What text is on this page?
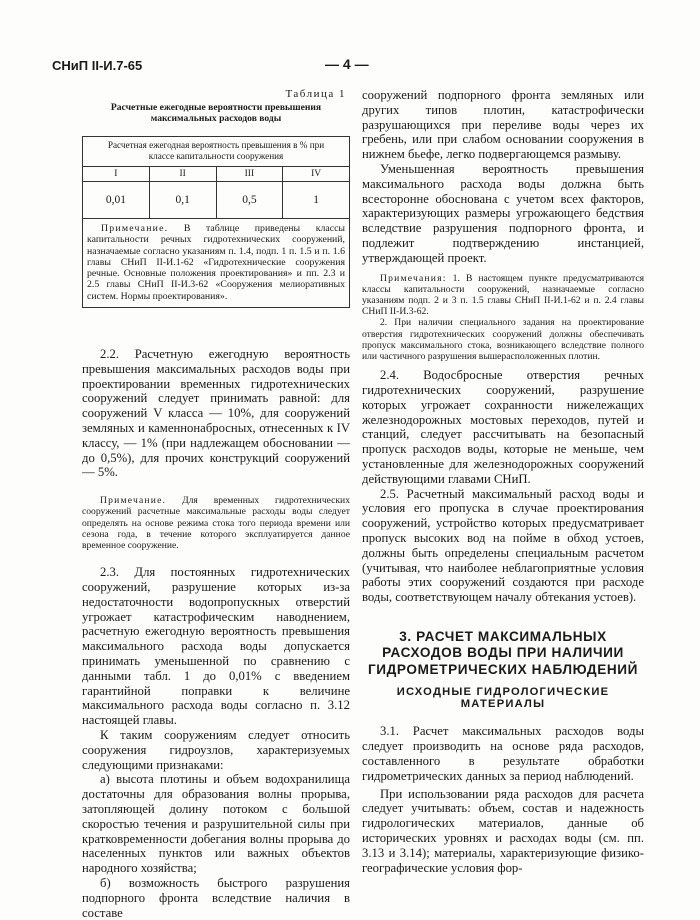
СНиП II-И.7-65	— 4 —
Таблица 1
Расчетные ежегодные вероятности превышения максимальных расходов воды
Расчетная ежегодная вероятность превышения в % при классе капитальности сооружения			
I	II	III	IV
0,01	0,1	0,5	1

Примечание. В таблице приведены классы капитальности речных гидротехнических сооружений, назначаемые согласно указаниям п. 1.4, подп. 1 п. 1.5 и п. 1.6 главы СНиП II-И.1-62 «Гидротехнические сооружения речные. Основные положения проектирования» и пп. 2.3 и 2.5 главы СНиП II-И.3-62 «Сооружения мелиоративных систем. Нормы проектирования».

2.2. Расчетную ежегодную вероятность превышения максимальных расходов воды при проектировании временных гидротехнических сооружений следует принимать равной: для сооружений V класса — 10%, для сооружений земляных и каменнонабросных, отнесенных к IV классу, — 1% (при надлежащем обосновании — до 0,5%), для прочих конструкций сооружений — 5%.

Примечание. Для временных гидротехнических сооружений расчетные максимальные расходы воды следует определять на основе режима стока того периода времени или сезона года, в течение которого эксплуатируется данное временное сооружение.

2.3. Для постоянных гидротехнических сооружений, разрушение которых из-за недостаточности водопропускных отверстий угрожает катастрофическим наводнением, расчетную ежегодную вероятность превышения максимального расхода воды допускается принимать уменьшенной по сравнению с данными табл. 1 до 0,01% с введением гарантийной поправки к величине максимального расхода воды согласно п. 3.12 настоящей главы.

К таким сооружениям следует относить сооружения гидроузлов, характеризуемых следующими признаками:

а) высота плотины и объем водохранилища достаточны для образования волны прорыва, затопляющей долину потоком с большой скоростью течения и разрушительной силы при кратковременности добегания волны прорыва до населенных пунктов или важных объектов народного хозяйства;

б) возможность быстрого разрушения подпорного фронта вследствие наличия в составе

сооружений подпорного фронта земляных или других типов плотин, катастрофически разрушающихся при переливе воды через их гребень, или при слабом основании сооружения в нижнем бьефе, легко подвергающемся размыву.

Уменьшенная вероятность превышения максимального расхода воды должна быть всесторонне обоснована с учетом всех факторов, характеризующих размеры угрожающего бедствия вследствие разрушения подпорного фронта, и подлежит подтверждению инстанцией, утверждающей проект.

Примечания: 1. В настоящем пункте предусматриваются классы капитальности сооружений, назначаемые согласно указаниям подп. 2 и 3 п. 1.5 главы СНиП II-И.1-62 и п. 2.4 главы СНиП II-И.3-62.

2. При наличии специального задания на проектирование отверстия гидротехнических сооружений должны обеспечивать пропуск максимального стока, возникающего вследствие полного или частичного разрушения вышерасположенных плотин.

2.4. Водосбросные отверстия речных гидротехнических сооружений, разрушение которых угрожает сохранности нижележащих железнодорожных мостовых переходов, путей и станций, следует рассчитывать на безопасный пропуск расходов воды, которые не меньше, чем установленные для железнодорожных сооружений действующими главами СНиП.

2.5. Расчетный максимальный расход воды и условия его пропуска в случае проектирования сооружений, устройство которых предусматривает пропуск высоких вод на пойме в обход устоев, должны быть определены специальным расчетом (учитывая, что наиболее неблагоприятные условия работы этих сооружений создаются при расходе воды, соответствующем началу обтекания устоев).

3. РАСЧЕТ МАКСИМАЛЬНЫХ РАСХОДОВ ВОДЫ ПРИ НАЛИЧИИ ГИДРОМЕТРИЧЕСКИХ НАБЛЮДЕНИЙ
ИСХОДНЫЕ ГИДРОЛОГИЧЕСКИЕ МАТЕРИАЛЫ

3.1. Расчет максимальных расходов воды следует производить на основе ряда расходов, составленного в результате обработки гидрометрических данных за период наблюдений.

При использовании ряда расходов для расчета следует учитывать: объем, состав и надежность гидрологических материалов, данные об исторических уровнях и расходах воды (см. пп. 3.13 и 3.14); материалы, характеризующие физико-географические условия фор-
